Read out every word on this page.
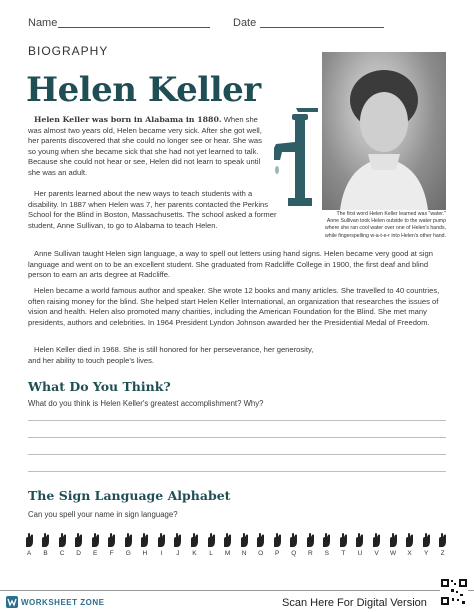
Name	Date
BIOGRAPHY
Helen Keller
The first word Helen Keller learned was "water."
Anne Sullivan took Helen outside to the water pump
where she ran cool water over one of Helen's hands,
while fingerspelling w-a-t-e-r into Helen's other hand.
Helen Keller was born in Alabama in 1880. When she was almost two years old, Helen became very sick. After she got well, her parents discovered that she could no longer see or hear. She was so young when she became sick that she had not yet learned to talk. Because she could not hear or see, Helen did not learn to speak until she was an adult.
Her parents learned about the new ways to teach students with a disability. In 1887 when Helen was 7, her parents contacted the Perkins School for the Blind in Boston, Massachusetts. The school asked a former student, Anne Sullivan, to go to Alabama to teach Helen.
Anne Sullivan taught Helen sign language, a way to spell out letters using hand signs. Helen became very good at sign language and went on to be an excellent student. She graduated from Radcliffe College in 1900, the first deaf and blind person to earn an arts degree at Radcliffe.
Helen became a world famous author and speaker. She wrote 12 books and many articles. She travelled to 40 countries, often raising money for the blind. She helped start Helen Keller International, an organization that researches the issues of vision and health. Helen also promoted many charities, including the American Foundation for the Blind. She met many presidents, authors and celebrities. In 1964 President Lyndon Johnson awarded her the Presidential Medal of Freedom.
Helen Keller died in 1968. She is still honored for her perseverance, her generosity, and her ability to touch people's lives.
What Do You Think?
What do you think is Helen Keller's greatest accomplishment? Why?
The Sign Language Alphabet
Can you spell your name in sign language?
A B C D E F G H I J K L M N O P Q R S T U V W X Y Z
WORKSHEET ZONE	Scan Here For Digital Version
